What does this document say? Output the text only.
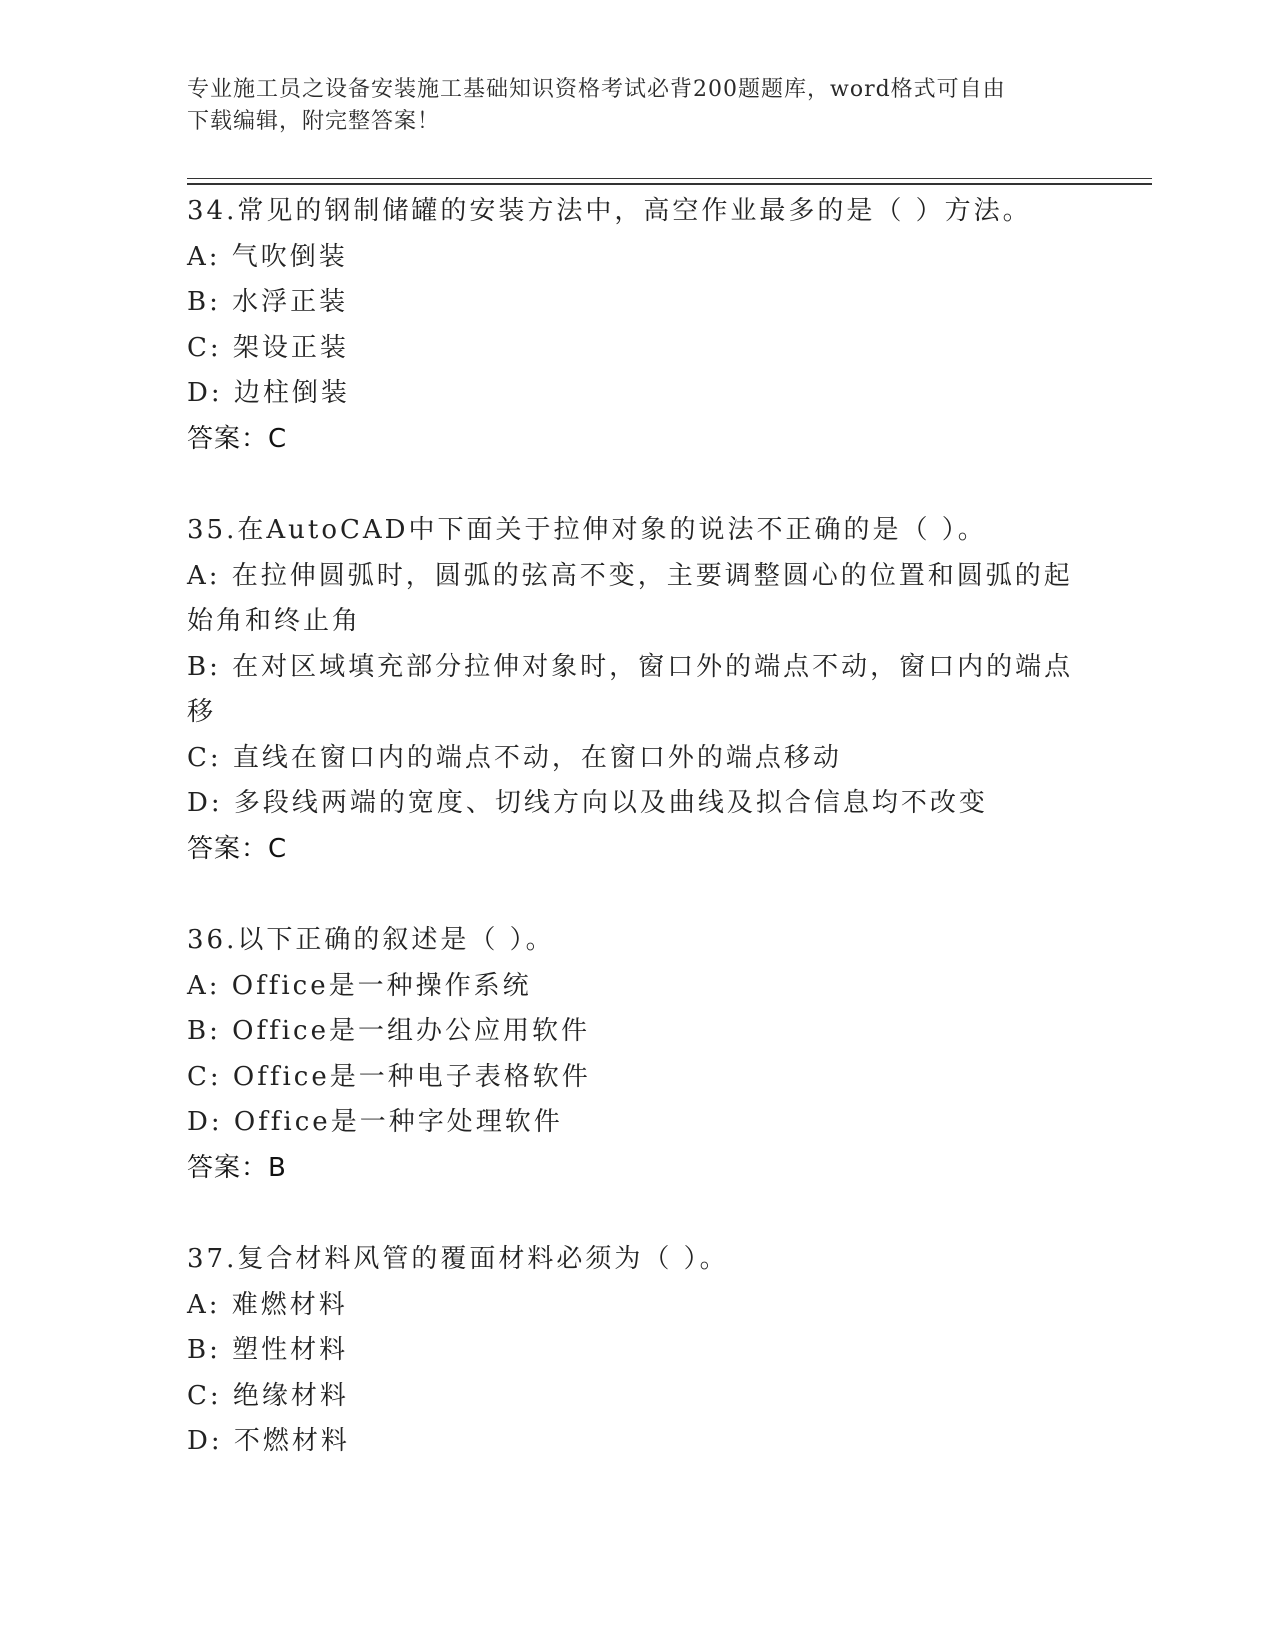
专业施工员之设备安装施工基础知识资格考试必背200题题库，word格式可自由
下载编辑，附完整答案！
34.常见的钢制储罐的安装方法中，高空作业最多的是（ ）方法。
A: 气吹倒装
B: 水浮正装
C: 架设正装
D: 边柱倒装
答案：C
35.在AutoCAD中下面关于拉伸对象的说法不正确的是（ ）。
A: 在拉伸圆弧时，圆弧的弦高不变，主要调整圆心的位置和圆弧的起始角和终止角
B: 在对区域填充部分拉伸对象时，窗口外的端点不动，窗口内的端点移
C: 直线在窗口内的端点不动，在窗口外的端点移动
D: 多段线两端的宽度、切线方向以及曲线及拟合信息均不改变
答案：C
36.以下正确的叙述是（ ）。
A: Office是一种操作系统
B: Office是一组办公应用软件
C: Office是一种电子表格软件
D: Office是一种字处理软件
答案：B
37.复合材料风管的覆面材料必须为（ ）。
A: 难燃材料
B: 塑性材料
C: 绝缘材料
D: 不燃材料
